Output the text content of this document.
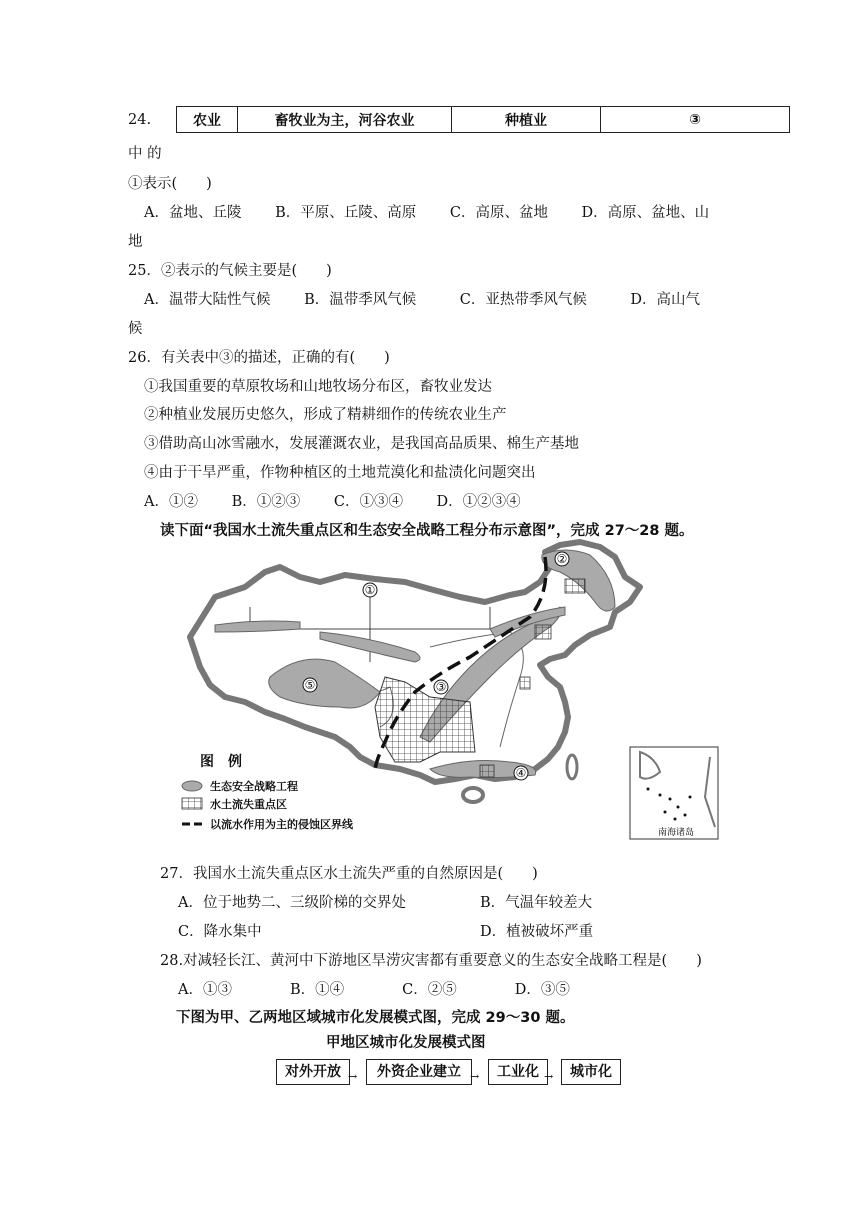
24.	农业	畜牧业为主，河谷农业	种植业	③
中 的
①表示(　　)
A．盆地、丘陵　　 B．平原、丘陵、高原　　 C．高原、盆地　　 D．高原、盆地、山
地
25．②表示的气候主要是(　　)
A．温带大陆性气候　　 B．温带季风气候　　　C．亚热带季风气候　　　D．高山气
候
26．有关表中③的描述，正确的有(　　)
①我国重要的草原牧场和山地牧场分布区，畜牧业发达
②种植业发展历史悠久，形成了精耕细作的传统农业生产
③借助高山冰雪融水，发展灌溉农业，是我国高品质果、棉生产基地
④由于干旱严重，作物种植区的土地荒漠化和盐渍化问题突出
A．①②　　 B．①②③　　 C．①③④　　 D．①②③④
读下面“我国水土流失重点区和生态安全战略工程分布示意图”，完成 27～28 题。
①
②
③
④
⑤
图　例
生态安全战略工程
水土流失重点区
以流水作用为主的侵蚀区界线
南海诸岛
27．我国水土流失重点区水土流失严重的自然原因是(　　)
A．位于地势二、三级阶梯的交界处	B．气温年较差大
C．降水集中	D．植被破坏严重
28.对减轻长江、黄河中下游地区旱涝灾害都有重要意义的生态安全战略工程是(　　)
A．①③　　　　B．①④　　　　C．②⑤　　　　D．③⑤
下图为甲、乙两地区域城市化发展模式图，完成 29～30 题。
甲地区城市化发展模式图
对外开放 →	外资企业建立 →	工业化 →	城市化
